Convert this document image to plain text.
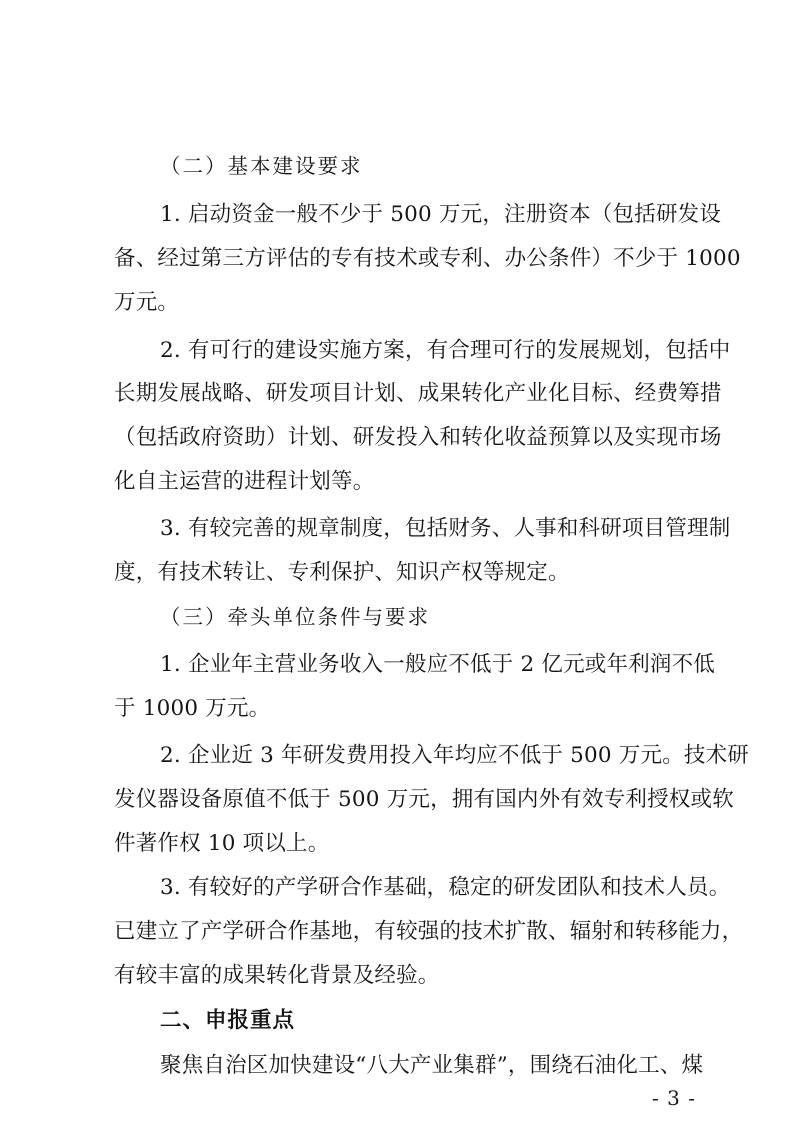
（二）基本建设要求
1. 启动资金一般不少于 500 万元，注册资本（包括研发设
备、经过第三方评估的专有技术或专利、办公条件）不少于 1000
万元。
2. 有可行的建设实施方案，有合理可行的发展规划，包括中
长期发展战略、研发项目计划、成果转化产业化目标、经费筹措
（包括政府资助）计划、研发投入和转化收益预算以及实现市场
化自主运营的进程计划等。
3. 有较完善的规章制度，包括财务、人事和科研项目管理制
度，有技术转让、专利保护、知识产权等规定。
（三）牵头单位条件与要求
1. 企业年主营业务收入一般应不低于 2 亿元或年利润不低
于 1000 万元。
2. 企业近 3 年研发费用投入年均应不低于 500 万元。技术研
发仪器设备原值不低于 500 万元，拥有国内外有效专利授权或软
件著作权 10 项以上。
3. 有较好的产学研合作基础，稳定的研发团队和技术人员。
已建立了产学研合作基地，有较强的技术扩散、辐射和转移能力，
有较丰富的成果转化背景及经验。
二、申报重点
聚焦自治区加快建设“八大产业集群”，围绕石油化工、煤
- 3 -
